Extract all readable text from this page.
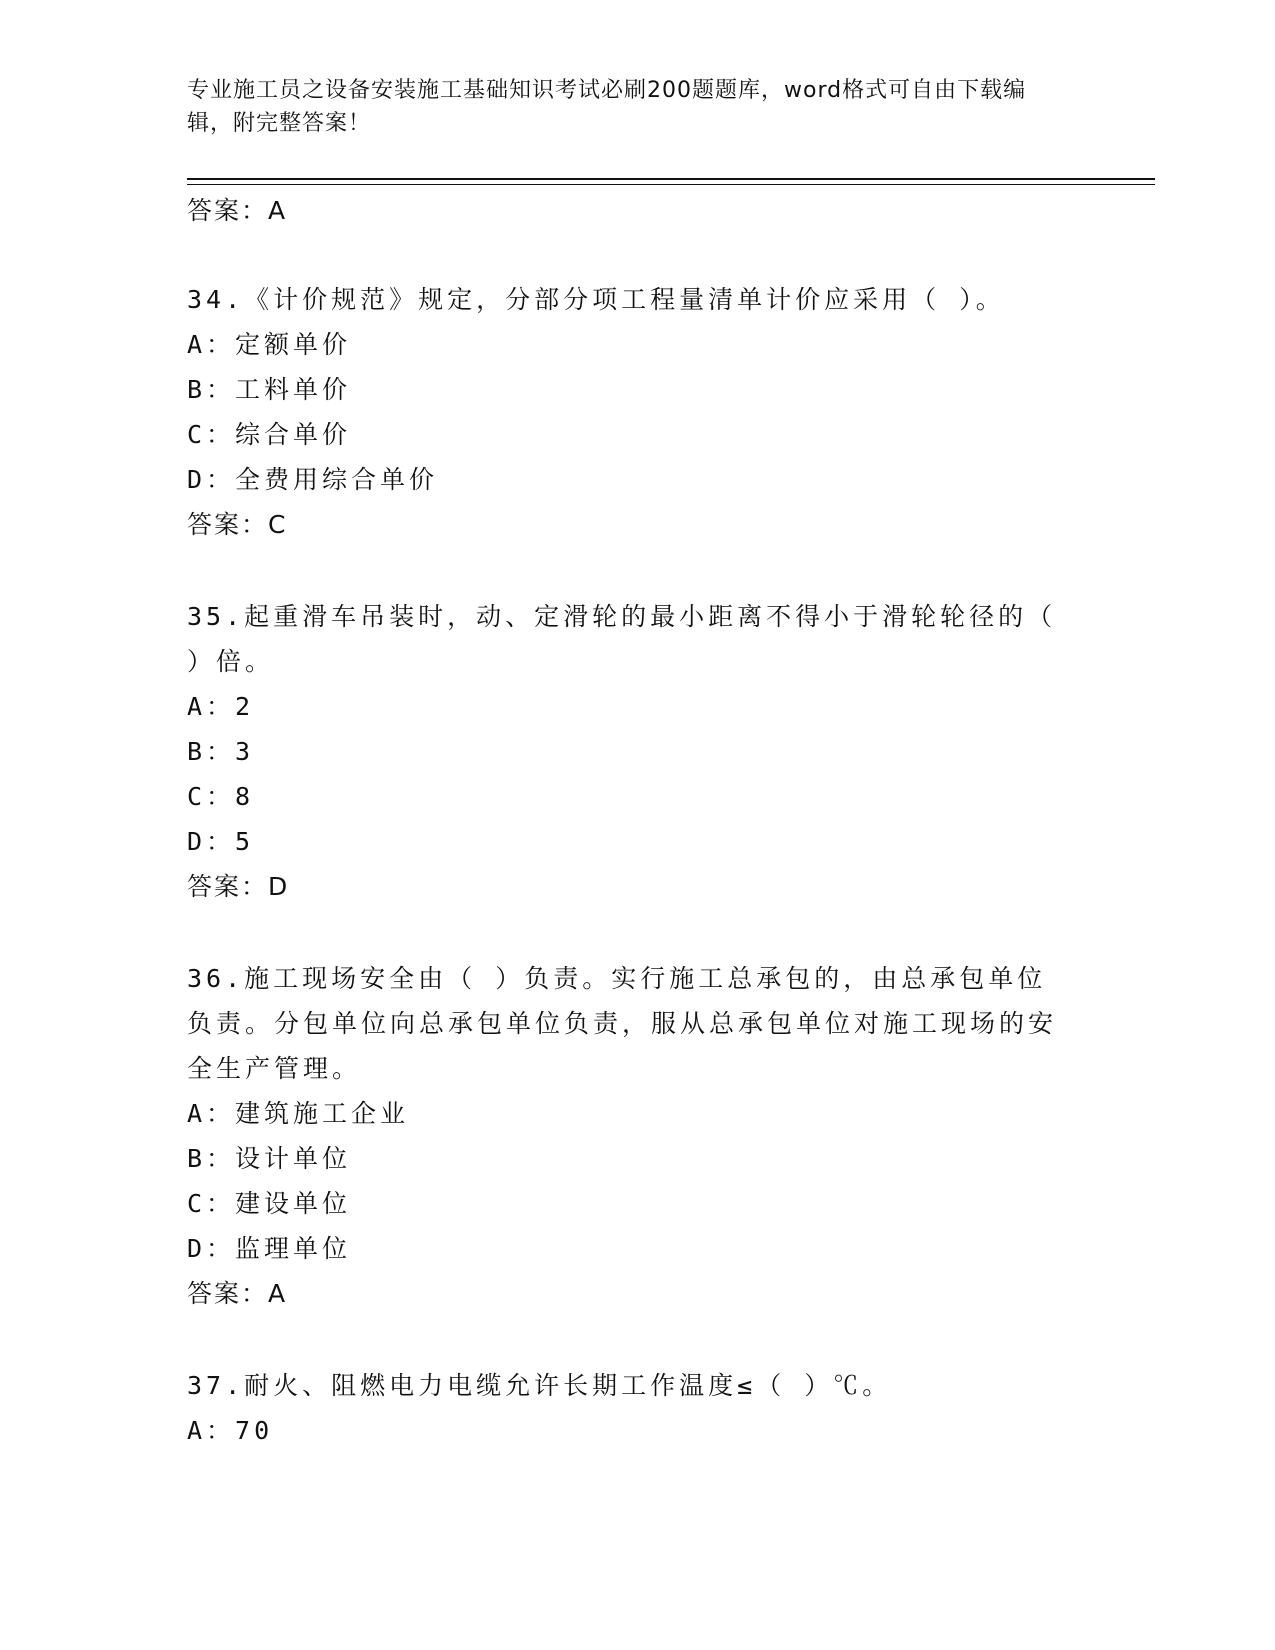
专业施工员之设备安装施工基础知识考试必刷200题题库，word格式可自由下载编辑，附完整答案！
答案：A
34.《计价规范》规定，分部分项工程量清单计价应采用（ ）。
A：定额单价
B：工料单价
C：综合单价
D：全费用综合单价
答案：C
35.起重滑车吊装时，动、定滑轮的最小距离不得小于滑轮轮径的（ ）倍。
A：2
B：3
C：8
D：5
答案：D
36.施工现场安全由（ ）负责。实行施工总承包的，由总承包单位负责。分包单位向总承包单位负责，服从总承包单位对施工现场的安全生产管理。
A：建筑施工企业
B：设计单位
C：建设单位
D：监理单位
答案：A
37.耐火、阻燃电力电缆允许长期工作温度≤（ ）℃。
A：70
